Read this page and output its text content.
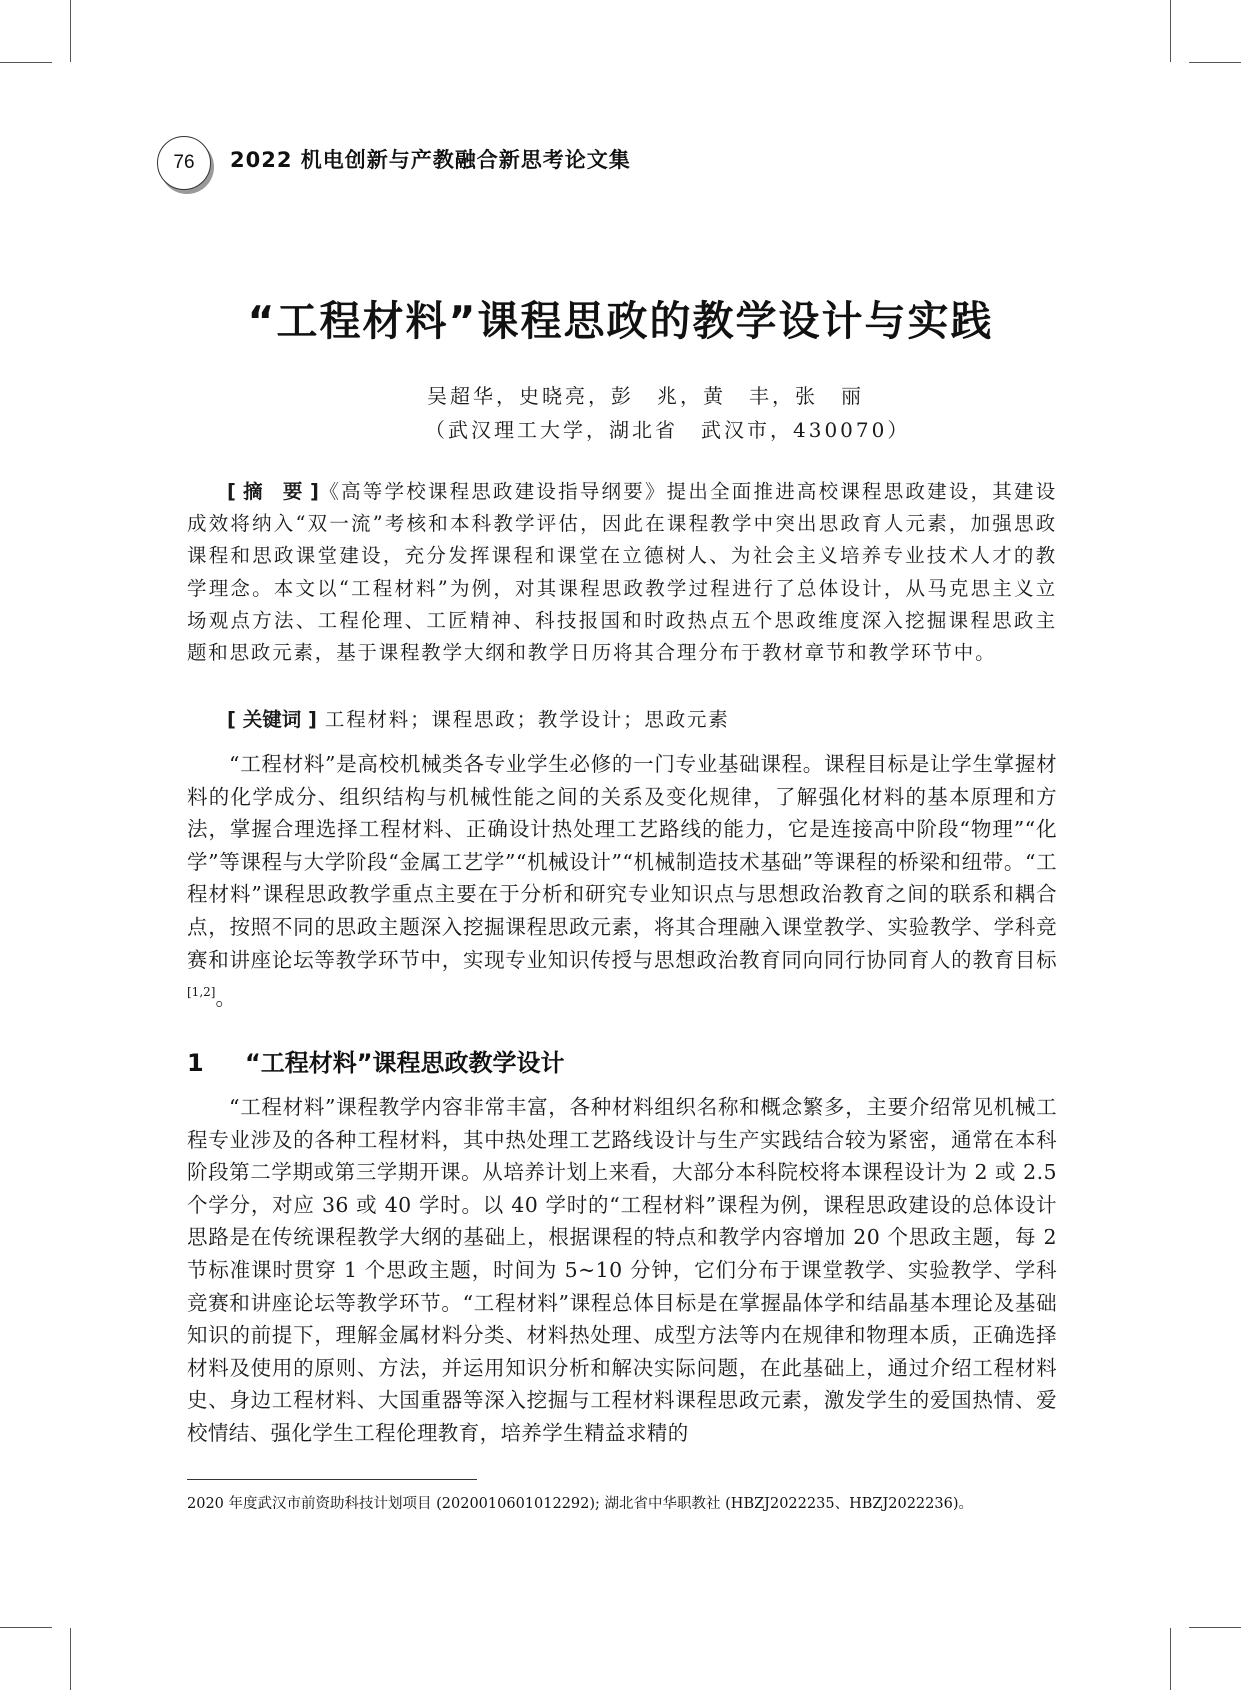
76	2022 机电创新与产教融合新思考论文集
“工程材料”课程思政的教学设计与实践
吴超华，史晓亮，彭　兆，黄　丰，张　丽
（武汉理工大学，湖北省　武汉市，430070）
[ 摘　要 ]《高等学校课程思政建设指导纲要》提出全面推进高校课程思政建设，其建设成效将纳入“双一流”考核和本科教学评估，因此在课程教学中突出思政育人元素，加强思政课程和思政课堂建设，充分发挥课程和课堂在立德树人、为社会主义培养专业技术人才的教学理念。本文以“工程材料”为例，对其课程思政教学过程进行了总体设计，从马克思主义立场观点方法、工程伦理、工匠精神、科技报国和时政热点五个思政维度深入挖掘课程思政主题和思政元素，基于课程教学大纲和教学日历将其合理分布于教材章节和教学环节中。
[ 关键词 ] 工程材料；课程思政；教学设计；思政元素
“工程材料”是高校机械类各专业学生必修的一门专业基础课程。课程目标是让学生掌握材料的化学成分、组织结构与机械性能之间的关系及变化规律，了解强化材料的基本原理和方法，掌握合理选择工程材料、正确设计热处理工艺路线的能力，它是连接高中阶段“物理”“化学”等课程与大学阶段“金属工艺学”“机械设计”“机械制造技术基础”等课程的桥梁和纽带。“工程材料”课程思政教学重点主要在于分析和研究专业知识点与思想政治教育之间的联系和耦合点，按照不同的思政主题深入挖掘课程思政元素，将其合理融入课堂教学、实验教学、学科竞赛和讲座论坛等教学环节中，实现专业知识传授与思想政治教育同向同行协同育人的教育目标[1,2]。
1 “工程材料”课程思政教学设计
“工程材料”课程教学内容非常丰富，各种材料组织名称和概念繁多，主要介绍常见机械工程专业涉及的各种工程材料，其中热处理工艺路线设计与生产实践结合较为紧密，通常在本科阶段第二学期或第三学期开课。从培养计划上来看，大部分本科院校将本课程设计为 2 或 2.5 个学分，对应 36 或 40 学时。以 40 学时的“工程材料”课程为例，课程思政建设的总体设计思路是在传统课程教学大纲的基础上，根据课程的特点和教学内容增加 20 个思政主题，每 2 节标准课时贯穿 1 个思政主题，时间为 5~10 分钟，它们分布于课堂教学、实验教学、学科竞赛和讲座论坛等教学环节。“工程材料”课程总体目标是在掌握晶体学和结晶基本理论及基础知识的前提下，理解金属材料分类、材料热处理、成型方法等内在规律和物理本质，正确选择材料及使用的原则、方法，并运用知识分析和解决实际问题，在此基础上，通过介绍工程材料史、身边工程材料、大国重器等深入挖掘与工程材料课程思政元素，激发学生的爱国热情、爱校情结、强化学生工程伦理教育，培养学生精益求精的
2020 年度武汉市前资助科技计划项目 (2020010601012292); 湖北省中华职教社 (HBZJ2022235、HBZJ2022236)。
